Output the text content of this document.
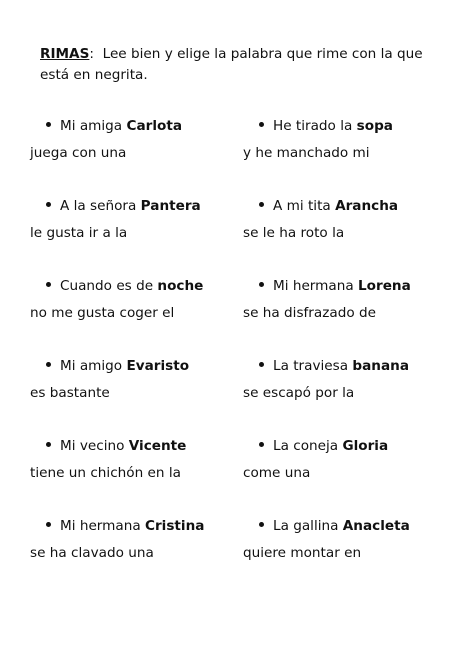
RIMAS:  Lee bien y elige la palabra que rime con la que está en negrita.
Mi amiga Carlota
juega con una
A la señora Pantera
le gusta ir a la
Cuando es de noche
no me gusta coger el
Mi amigo Evaristo
es bastante
Mi vecino Vicente
tiene un chichón en la
Mi hermana Cristina
se ha clavado una
He tirado la sopa
y he manchado mi
A mi tita Arancha
se le ha roto la
Mi hermana Lorena
se ha disfrazado de
La traviesa banana
se escapó por la
La coneja Gloria
come una
La gallina Anacleta
quiere montar en
